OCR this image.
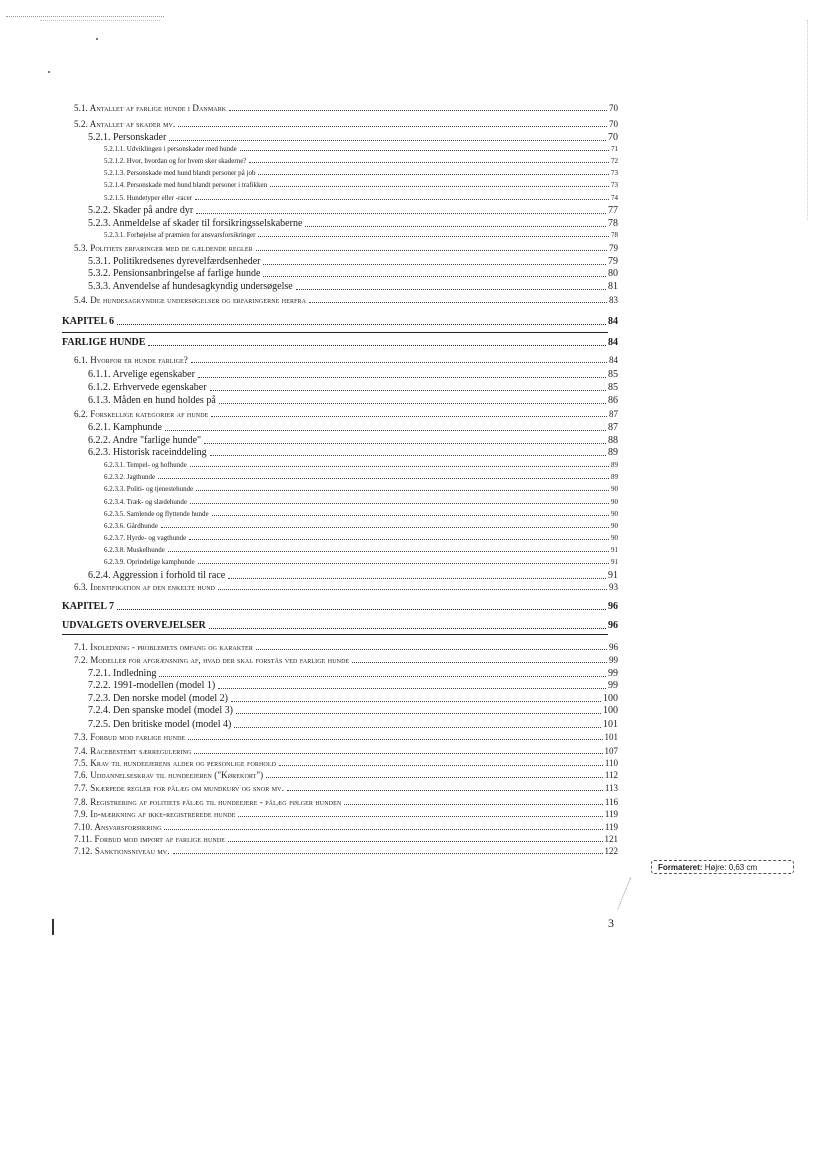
5.1. Antallet af farlige hunde i Danmark	70
5.2. Antallet af skader mv.	70
5.2.1. Personskader	70
5.2.1.1. Udviklingen i personskader med hunde	71
5.2.1.2. Hvor, hvordan og for hvem sker skaderne?	72
5.2.1.3. Personskade med hund blandt personer på job	73
5.2.1.4. Personskade med hund blandt personer i trafikken	73
5.2.1.5. Hundetyper eller -racer	74
5.2.2. Skader på andre dyr	77
5.2.3. Anmeldelse af skader til forsikringsselskaberne	78
5.2.3.1. Forhøjelse af præmien for ansvarsforsikringer	78
5.3. Politiets erfaringer med de gældende regler	79
5.3.1. Politikredsenes dyrevelfærdsenheder	79
5.3.2. Pensionsanbringelse af farlige hunde	80
5.3.3. Anvendelse af hundesagkyndig undersøgelse	81
5.4. De hundesagkyndige undersøgelser og erfaringerne herfra	83
KAPITEL 6	84
FARLIGE HUNDE	84
6.1. Hvorfor er hunde farlige?	84
6.1.1. Arvelige egenskaber	85
6.1.2. Erhvervede egenskaber	85
6.1.3. Måden en hund holdes på	86
6.2. Forskellige kategorier af hunde	87
6.2.1. Kamphunde	87
6.2.2. Andre "farlige hunde"	88
6.2.3. Historisk raceinddeling	89
6.2.3.1. Tempel- og hofhunde	89
6.2.3.2. Jagthunde	89
6.2.3.3. Politi- og tjenestehunde	90
6.2.3.4. Træk- og slædehunde	90
6.2.3.5. Samlende og flyttende hunde	90
6.2.3.6. Gårdhunde	90
6.2.3.7. Hyrde- og vagthunde	90
6.2.3.8. Muskelhunde	91
6.2.3.9. Oprindelige kamphunde	91
6.2.4. Aggression i forhold til race	91
6.3. Identifikation af den enkelte hund	93
KAPITEL 7	96
UDVALGETS OVERVEJELSER	96
7.1. Indledning - problemets omfang og karakter	96
7.2. Modeller for afgrænsning af, hvad der skal forstås ved farlige hunde	99
7.2.1. Indledning	99
7.2.2. 1991-modellen (model 1)	99
7.2.3. Den norske model (model 2)	100
7.2.4. Den spanske model (model 3)	100
7.2.5. Den britiske model (model 4)	101
7.3. Forbud mod farlige hunde	101
7.4. Racebestemt særregulering	107
7.5. Krav til hundeejerens alder og personlige forhold	110
7.6. Uddannelseskrav til hundeejeren ("Kørekort")	112
7.7. Skærpede regler for pålæg om mundkurv og snor mv.	113
7.8. Registrering af politiets pålæg til hundeejere - pålæg følger hunden	116
7.9. Id-mærkning af ikke-registrerede hunde	119
7.10. Ansvarsforsikring	119
7.11. Forbud mod import af farlige hunde	121
7.12. Sanktionsniveau mv.	122
Formateret: Højre: 0,63 cm
3
